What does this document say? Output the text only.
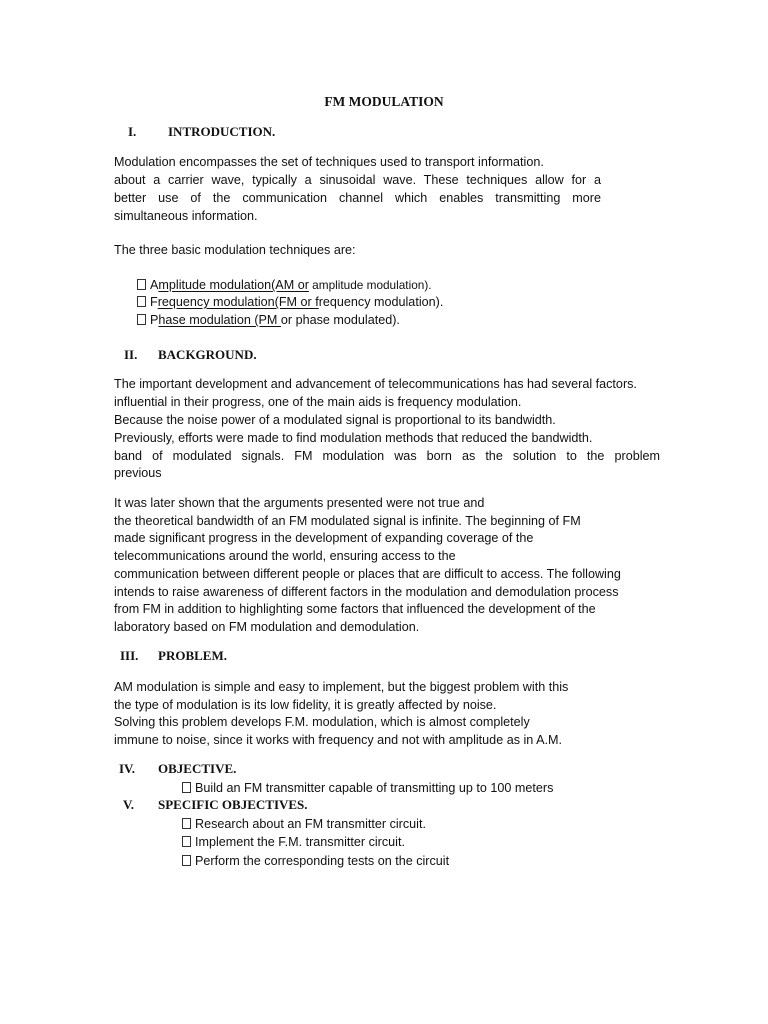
FM MODULATION
I. INTRODUCTION.
Modulation encompasses the set of techniques used to transport information.
about a carrier wave, typically a sinusoidal wave. These techniques allow for a
better use of the communication channel which enables transmitting more
simultaneous information.
The three basic modulation techniques are:
Amplitude modulation(AM or amplitude modulation).
Frequency modulation(FM or frequency modulation).
Phase modulation (PM or phase modulated).
II. BACKGROUND.
The important development and advancement of telecommunications has had several factors.
influential in their progress, one of the main aids is frequency modulation.
Because the noise power of a modulated signal is proportional to its bandwidth.
Previously, efforts were made to find modulation methods that reduced the bandwidth.
band of modulated signals. FM modulation was born as the solution to the problem
previous
It was later shown that the arguments presented were not true and
the theoretical bandwidth of an FM modulated signal is infinite. The beginning of FM
made significant progress in the development of expanding coverage of the
telecommunications around the world, ensuring access to the
communication between different people or places that are difficult to access. The following
intends to raise awareness of different factors in the modulation and demodulation process
from FM in addition to highlighting some factors that influenced the development of the
laboratory based on FM modulation and demodulation.
III. PROBLEM.
AM modulation is simple and easy to implement, but the biggest problem with this
the type of modulation is its low fidelity, it is greatly affected by noise.
Solving this problem develops F.M. modulation, which is almost completely
immune to noise, since it works with frequency and not with amplitude as in A.M.
IV. OBJECTIVE.
Build an FM transmitter capable of transmitting up to 100 meters
V. SPECIFIC OBJECTIVES.
Research about an FM transmitter circuit.
Implement the F.M. transmitter circuit.
Perform the corresponding tests on the circuit
